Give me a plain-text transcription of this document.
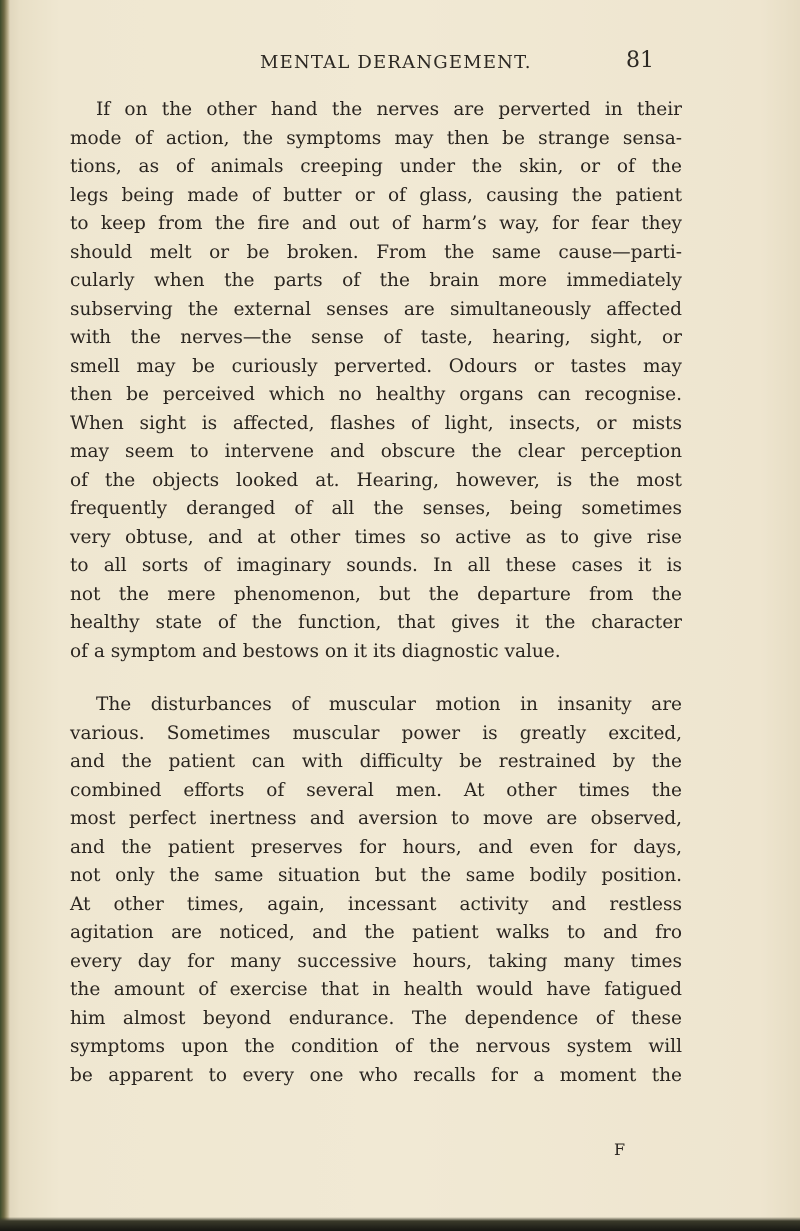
MENTAL DERANGEMENT.	81
If on the other hand the nerves are perverted in their
mode of action, the symptoms may then be strange sensa-
tions, as of animals creeping under the skin, or of the
legs being made of butter or of glass, causing the patient
to keep from the fire and out of harm’s way, for fear they
should melt or be broken. From the same cause—parti-
cularly when the parts of the brain more immediately
subserving the external senses are simultaneously affected
with the nerves—the sense of taste, hearing, sight, or
smell may be curiously perverted. Odours or tastes may
then be perceived which no healthy organs can recognise.
When sight is affected, flashes of light, insects, or mists
may seem to intervene and obscure the clear perception
of the objects looked at. Hearing, however, is the most
frequently deranged of all the senses, being sometimes
very obtuse, and at other times so active as to give rise
to all sorts of imaginary sounds. In all these cases it is
not the mere phenomenon, but the departure from the
healthy state of the function, that gives it the character
of a symptom and bestows on it its diagnostic value.
The disturbances of muscular motion in insanity are
various. Sometimes muscular power is greatly excited,
and the patient can with difficulty be restrained by the
combined efforts of several men. At other times the
most perfect inertness and aversion to move are observed,
and the patient preserves for hours, and even for days,
not only the same situation but the same bodily position.
At other times, again, incessant activity and restless
agitation are noticed, and the patient walks to and fro
every day for many successive hours, taking many times
the amount of exercise that in health would have fatigued
him almost beyond endurance. The dependence of these
symptoms upon the condition of the nervous system will
be apparent to every one who recalls for a moment the
F
